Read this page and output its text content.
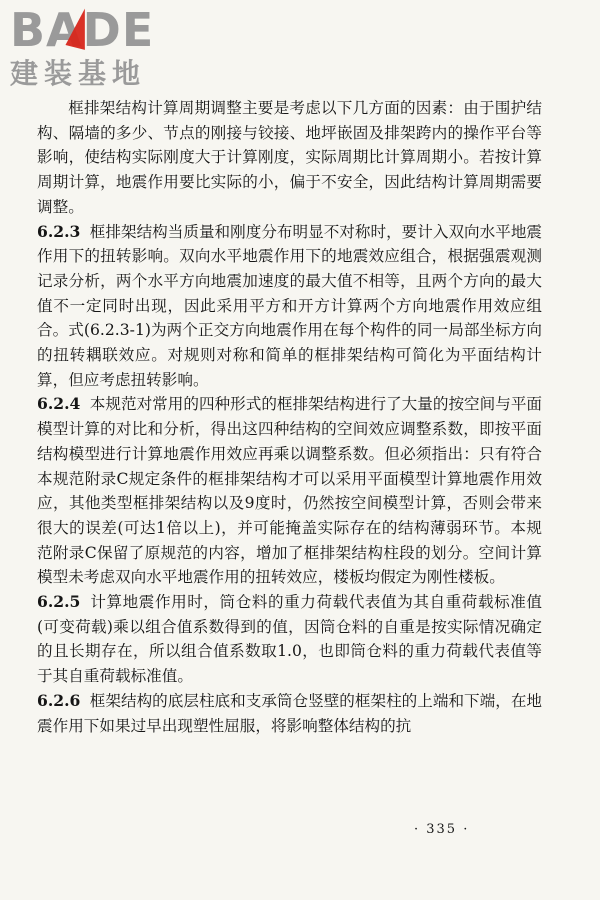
BADE
建装基地

框排架结构计算周期调整主要是考虑以下几方面的因素：由于围护结构、隔墙的多少、节点的刚接与铰接、地坪嵌固及排架跨内的操作平台等影响，使结构实际刚度大于计算刚度，实际周期比计算周期小。若按计算周期计算，地震作用要比实际的小，偏于不安全，因此结构计算周期需要调整。

6.2.3 框排架结构当质量和刚度分布明显不对称时，要计入双向水平地震作用下的扭转影响。双向水平地震作用下的地震效应组合，根据强震观测记录分析，两个水平方向地震加速度的最大值不相等，且两个方向的最大值不一定同时出现，因此采用平方和开方计算两个方向地震作用效应组合。式(6.2.3-1)为两个正交方向地震作用在每个构件的同一局部坐标方向的扭转耦联效应。对规则对称和简单的框排架结构可简化为平面结构计算，但应考虑扭转影响。

6.2.4 本规范对常用的四种形式的框排架结构进行了大量的按空间与平面模型计算的对比和分析，得出这四种结构的空间效应调整系数，即按平面结构模型进行计算地震作用效应再乘以调整系数。但必须指出：只有符合本规范附录C规定条件的框排架结构才可以采用平面模型计算地震作用效应，其他类型框排架结构以及9度时，仍然按空间模型计算，否则会带来很大的误差(可达1倍以上)，并可能掩盖实际存在的结构薄弱环节。本规范附录C保留了原规范的内容，增加了框排架结构柱段的划分。空间计算模型未考虑双向水平地震作用的扭转效应，楼板均假定为刚性楼板。

6.2.5 计算地震作用时，筒仓料的重力荷载代表值为其自重荷载标准值(可变荷载)乘以组合值系数得到的值，因筒仓料的自重是按实际情况确定的且长期存在，所以组合值系数取1.0，也即筒仓料的重力荷载代表值等于其自重荷载标准值。

6.2.6 框架结构的底层柱底和支承筒仓竖壁的框架柱的上端和下端，在地震作用下如果过早出现塑性屈服，将影响整体结构的抗

· 335 ·
